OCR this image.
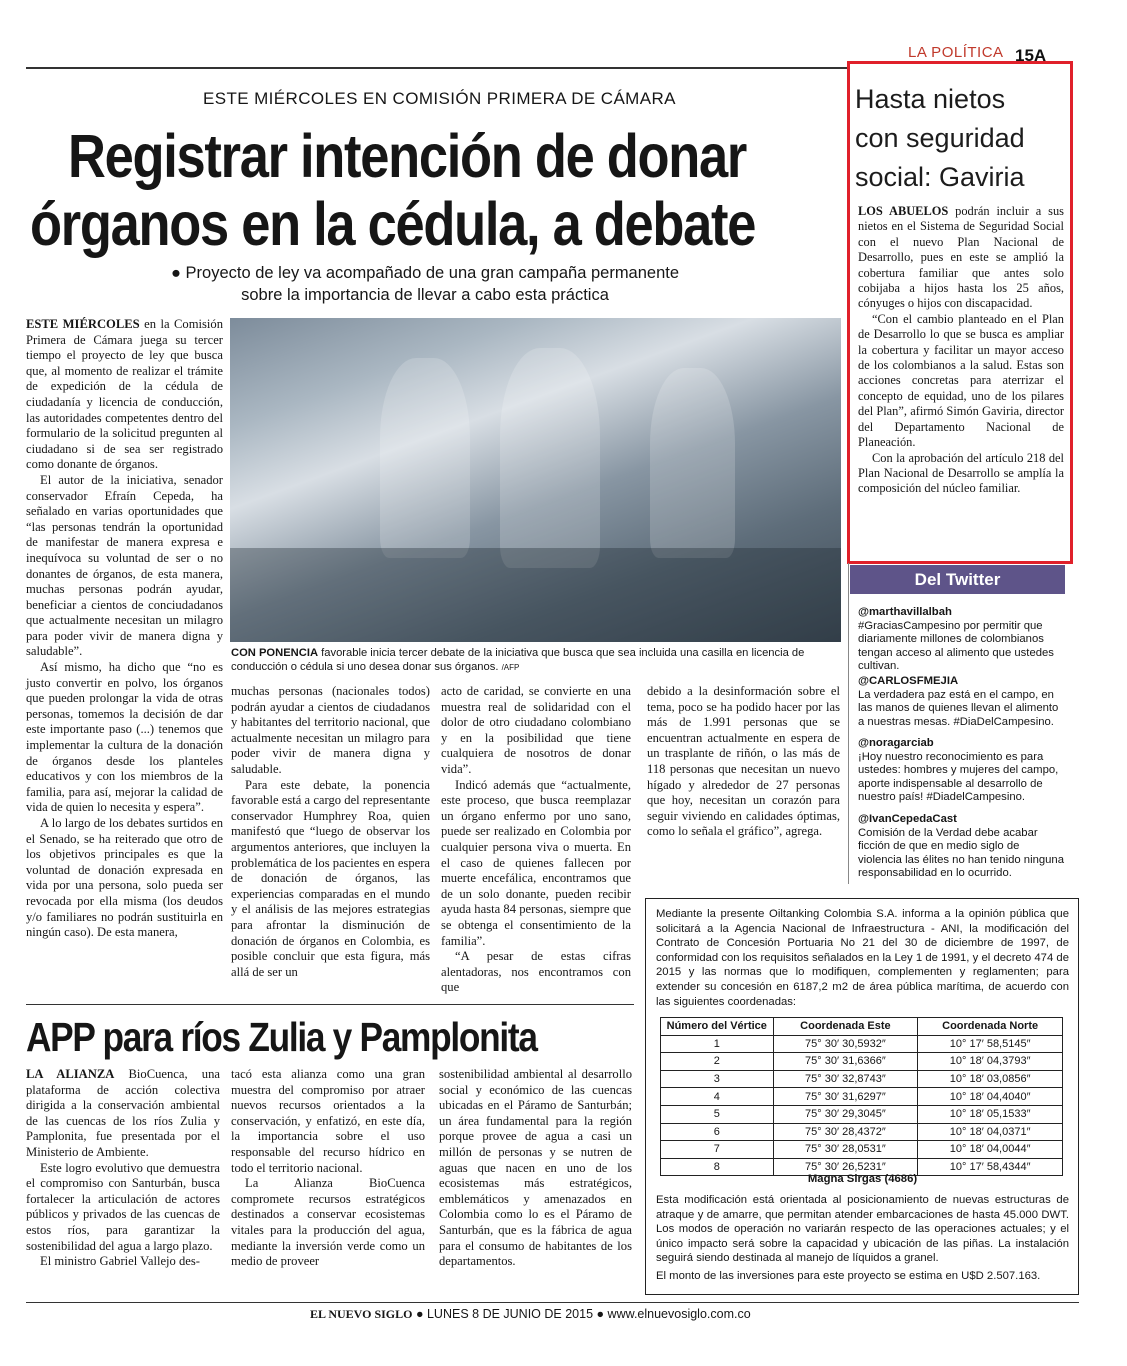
LA POLÍTICA 15A
ESTE MIÉRCOLES EN COMISIÓN PRIMERA DE CÁMARA
Registrar intención de donar
órganos en la cédula, a debate
● Proyecto de ley va acompañado de una gran campaña permanente
sobre la importancia de llevar a cabo esta práctica

ESTE MIÉRCOLES en la Comisión Primera de Cámara juega su tercer tiempo el proyecto de ley que busca que, al momento de realizar el trámite de expedición de la cédula de ciudadanía y licencia de conducción, las autoridades competentes dentro del formulario de la solicitud pregunten al ciudadano si de sea ser registrado como donante de órganos.

El autor de la iniciativa, senador conservador Efraín Cepeda, ha señalado en varias oportunidades que “las personas tendrán la oportunidad de manifestar de manera expresa e inequívoca su voluntad de ser o no donantes de órganos, de esta manera, muchas personas podrán ayudar, beneficiar a cientos de conciudadanos que actualmente necesitan un milagro para poder vivir de manera digna y saludable”.

Así mismo, ha dicho que “no es justo convertir en polvo, los órganos que pueden prolongar la vida de otras personas, tomemos la decisión de dar este importante paso (...) tenemos que implementar la cultura de la donación de órganos desde los planteles educativos y con los miembros de la familia, para así, mejorar la calidad de vida de quien lo necesita y espera”.

A lo largo de los debates surtidos en el Senado, se ha reiterado que otro de los objetivos principales es que la voluntad de donación expresada en vida por una persona, solo pueda ser revocada por ella misma (los deudos y/o familiares no podrán sustituirla en ningún caso). De esta manera,

CON PONENCIA favorable inicia tercer debate de la iniciativa que busca que sea incluida una casilla en licencia de conducción o cédula si uno desea donar sus órganos. /AFP

muchas personas (nacionales todos) podrán ayudar a cientos de ciudadanos y habitantes del territorio nacional, que actualmente necesitan un milagro para poder vivir de manera digna y saludable.

Para este debate, la ponencia favorable está a cargo del representante conservador Humphrey Roa, quien manifestó que “luego de observar los argumentos anteriores, que incluyen la problemática de los pacientes en espera de donación de órganos, las experiencias comparadas en el mundo y el análisis de las mejores estrategias para afrontar la disminución de donación de órganos en Colombia, es posible concluir que esta figura, más allá de ser un

acto de caridad, se convierte en una muestra real de solidaridad con el dolor de otro ciudadano colombiano y en la posibilidad que tiene cualquiera de nosotros de donar vida”.

Indicó además que “actualmente, este proceso, que busca reemplazar un órgano enfermo por uno sano, puede ser realizado en Colombia por cualquier persona viva o muerta. En el caso de quienes fallecen por muerte encefálica, encontramos que de un solo donante, pueden recibir ayuda hasta 84 personas, siempre que se obtenga el consentimiento de la familia”.

“A pesar de estas cifras alentadoras, nos encontramos con que

debido a la desinformación sobre el tema, poco se ha podido hacer por las más de 1.991 personas que se encuentran actualmente en espera de un trasplante de riñón, o las más de 118 personas que necesitan un nuevo hígado y alrededor de 27 personas que hoy, necesitan un corazón para seguir viviendo en calidades óptimas, como lo señala el gráfico”, agrega.

APP para ríos Zulia y Pamplonita

LA ALIANZA BioCuenca, una plataforma de acción colectiva dirigida a la conservación ambiental de las cuencas de los ríos Zulia y Pamplonita, fue presentada por el Ministerio de Ambiente.

Este logro evolutivo que demuestra el compromiso con Santurbán, busca fortalecer la articulación de actores públicos y privados de las cuencas de estos ríos, para garantizar la sostenibilidad del agua a largo plazo.

El ministro Gabriel Vallejo des-

tacó esta alianza como una gran muestra del compromiso por atraer nuevos recursos orientados a la conservación, y enfatizó, en este día, la importancia sobre el uso responsable del recurso hídrico en todo el territorio nacional.

La Alianza BioCuenca compromete recursos estratégicos destinados a conservar ecosistemas vitales para la producción del agua, mediante la inversión verde como un medio de proveer

sostenibilidad ambiental al desarrollo social y económico de las cuencas ubicadas en el Páramo de Santurbán; un área fundamental para la región porque provee de agua a casi un millón de personas y se nutren de aguas que nacen en uno de los ecosistemas más estratégicos, emblemáticos y amenazados en Colombia como lo es el Páramo de Santurbán, que es la fábrica de agua para el consumo de habitantes de los departamentos.

Hasta nietos
con seguridad
social: Gaviria

LOS ABUELOS podrán incluir a sus nietos en el Sistema de Seguridad Social con el nuevo Plan Nacional de Desarrollo, pues en este se amplió la cobertura familiar que antes solo cobijaba a hijos hasta los 25 años, cónyuges o hijos con discapacidad.

“Con el cambio planteado en el Plan de Desarrollo lo que se busca es ampliar la cobertura y facilitar un mayor acceso de los colombianos a la salud. Estas son acciones concretas para aterrizar el concepto de equidad, uno de los pilares del Plan”, afirmó Simón Gaviria, director del Departamento Nacional de Planeación.

Con la aprobación del artículo 218 del Plan Nacional de Desarrollo se amplía la composición del núcleo familiar.

Del Twitter
@marthavillalbah
#GraciasCampesino por permitir que diariamente millones de colombianos tengan acceso al alimento que ustedes cultivan.
@CARLOSFMEJIA
La verdadera paz está en el campo, en las manos de quienes llevan el alimento a nuestras mesas. #DiaDelCampesino.
@noragarciab
¡Hoy nuestro reconocimiento es para ustedes: hombres y mujeres del campo, aporte indispensable al desarrollo de nuestro país! #DiadelCampesino.
@IvanCepedaCast
Comisión de la Verdad debe acabar ficción de que en medio siglo de violencia las élites no han tenido ninguna responsabilidad en lo ocurrido.
Mediante la presente Oiltanking Colombia S.A. informa a la opinión pública que solicitará a la Agencia Nacional de Infraestructura - ANI, la modificación del Contrato de Concesión Portuaria No 21 del 30 de diciembre de 1997, de conformidad con los requisitos señalados en la Ley 1 de 1991, y el decreto 474 de 2015 y las normas que lo modifiquen, complementen y reglamenten; para extender su concesión en 6187,2 m2 de área pública marítima, de acuerdo con las siguientes coordenadas:
Número del Vértice	Coordenada Este	Coordenada Norte
1	75° 30′ 30,5932″	10° 17′ 58,5145″
2	75° 30′ 31,6366″	10° 18′ 04,3793″
3	75° 30′ 32,8743″	10° 18′ 03,0856″
4	75° 30′ 31,6297″	10° 18′ 04,4040″
5	75° 30′ 29,3045″	10° 18′ 05,1533″
6	75° 30′ 28,4372″	10° 18′ 04,0371″
7	75° 30′ 28,0531″	10° 18′ 04,0044″
8	75° 30′ 26,5231″	10° 17′ 58,4344″
Magna Sirgas (4686)
Esta modificación está orientada al posicionamiento de nuevas estructuras de atraque y de amarre, que permitan atender embarcaciones de hasta 45.000 DWT. Los modos de operación no variarán respecto de las operaciones actuales; y el único impacto será sobre la capacidad y ubicación de las piñas. La instalación seguirá siendo destinada al manejo de líquidos a granel.
El monto de las inversiones para este proyecto se estima en U$D 2.507.163.
EL NUEVO SIGLO ● LUNES 8 DE JUNIO DE 2015 ● www.elnuevosiglo.com.co
